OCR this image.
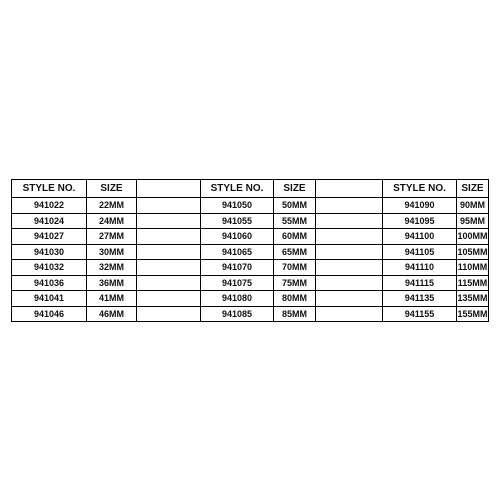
STYLE NO.	SIZE		STYLE NO.	SIZE		STYLE NO.	SIZE
941022	22MM		941050	50MM		941090	90MM
941024	24MM		941055	55MM		941095	95MM
941027	27MM		941060	60MM		941100	100MM
941030	30MM		941065	65MM		941105	105MM
941032	32MM		941070	70MM		941110	110MM
941036	36MM		941075	75MM		941115	115MM
941041	41MM		941080	80MM		941135	135MM
941046	46MM		941085	85MM		941155	155MM
